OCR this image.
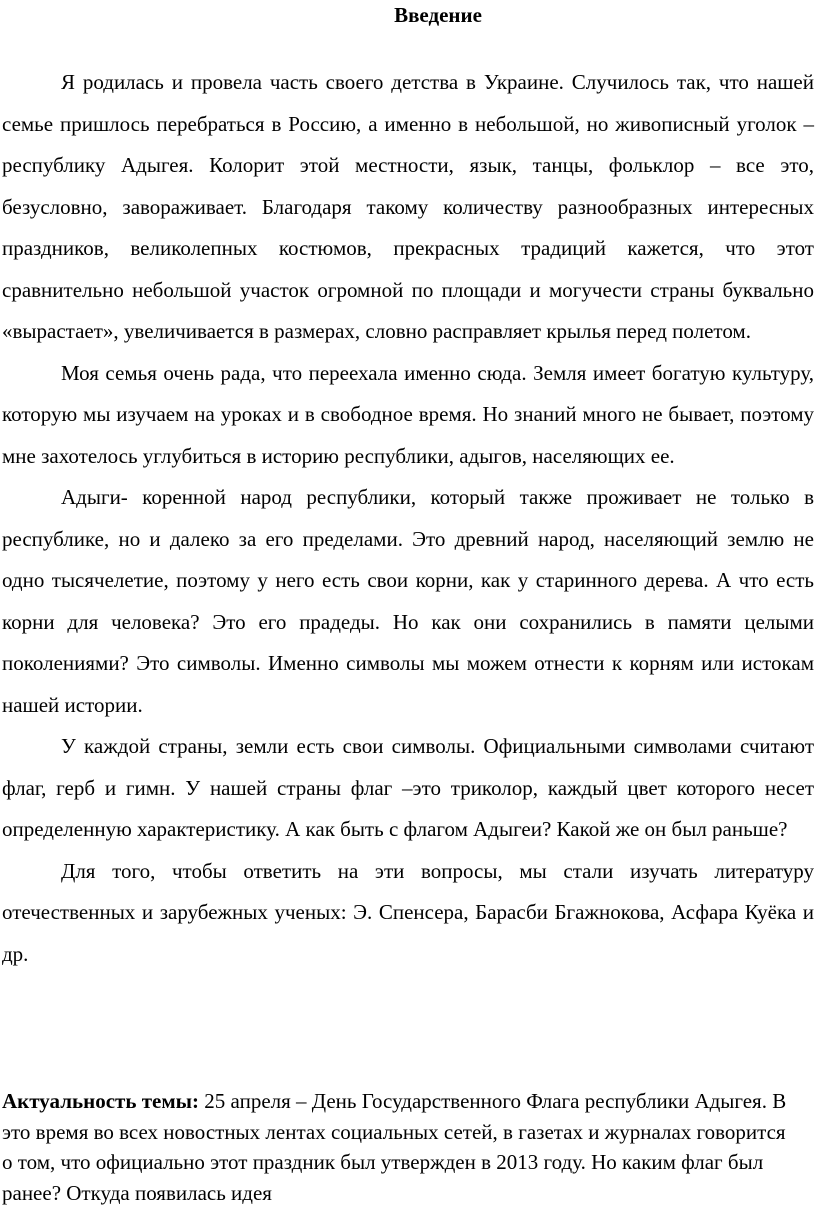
Введение

Я родилась и провела часть своего детства в Украине. Случилось так, что нашей семье пришлось перебраться в Россию, а именно в небольшой, но живописный уголок – республику Адыгея. Колорит этой местности, язык, танцы, фольклор – все это, безусловно, завораживает. Благодаря такому количеству разнообразных интересных праздников, великолепных костюмов, прекрасных традиций кажется, что этот сравнительно небольшой участок огромной по площади и могучести страны буквально «вырастает», увеличивается в размерах, словно расправляет крылья перед полетом.

Моя семья очень рада, что переехала именно сюда. Земля имеет богатую культуру, которую мы изучаем на уроках и в свободное время. Но знаний много не бывает, поэтому мне захотелось углубиться в историю республики, адыгов, населяющих ее.

Адыги- коренной народ республики, который также проживает не только в республике, но и далеко за его пределами. Это древний народ, населяющий землю не одно тысячелетие, поэтому у него есть свои корни, как у старинного дерева. А что есть корни для человека? Это его прадеды. Но как они сохранились в памяти целыми поколениями? Это символы. Именно символы мы можем отнести к корням или истокам нашей истории.

У каждой страны, земли есть свои символы. Официальными символами считают флаг, герб и гимн. У нашей страны флаг –это триколор, каждый цвет которого несет определенную характеристику. А как быть с флагом Адыгеи? Какой же он был раньше?

Для того, чтобы ответить на эти вопросы, мы стали изучать литературу отечественных и зарубежных ученых: Э. Спенсера, Барасби Бгажнокова, Асфара Куёка и др.

Актуальность темы: 25 апреля – День Государственного Флага республики Адыгея. В это время во всех новостных лентах социальных сетей, в газетах и журналах говорится о том, что официально этот праздник был утвержден в 2013 году. Но каким флаг был ранее? Откуда появилась идея
